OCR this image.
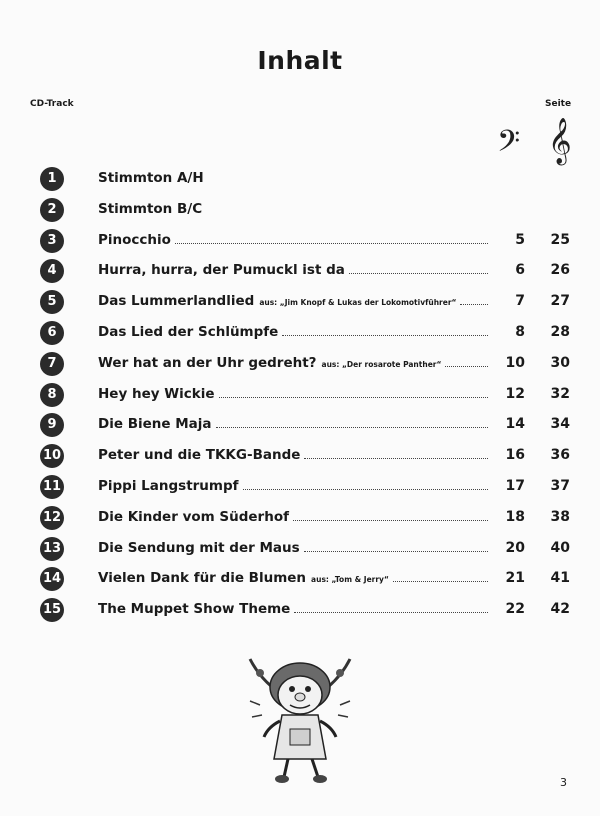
Inhalt
CD-Track	Seite
𝄢 𝄞
1	Stimmton A/H
2	Stimmton B/C
3	Pinocchio	5	25
4	Hurra, hurra, der Pumuckl ist da	6	26
5	Das Lummerlandlied aus: „Jim Knopf & Lukas der Lokomotivführer“	7	27
6	Das Lied der Schlümpfe	8	28
7	Wer hat an der Uhr gedreht? aus: „Der rosarote Panther“	10	30
8	Hey hey Wickie	12	32
9	Die Biene Maja	14	34
10	Peter und die TKKG-Bande	16	36
11	Pippi Langstrumpf	17	37
12	Die Kinder vom Süderhof	18	38
13	Die Sendung mit der Maus	20	40
14	Vielen Dank für die Blumen aus: „Tom & Jerry“	21	41
15	The Muppet Show Theme	22	42
3
